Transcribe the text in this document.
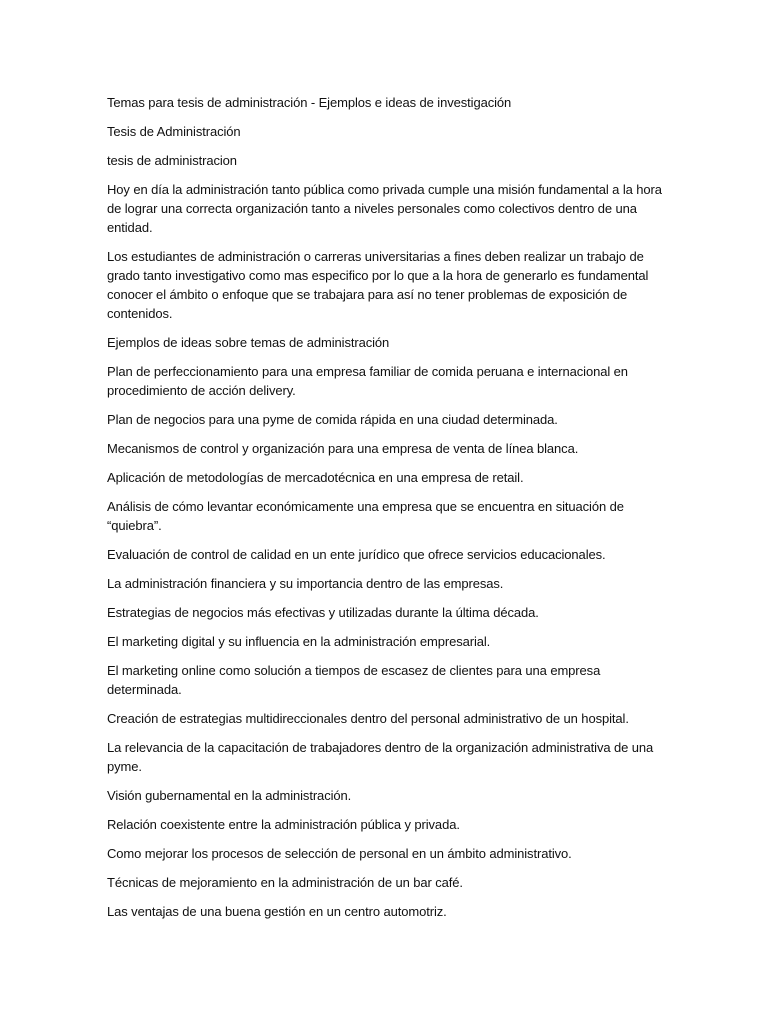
Temas para tesis de administración - Ejemplos e ideas de investigación

Tesis de Administración

tesis de administracion

Hoy en día la administración tanto pública como privada cumple una misión fundamental a la hora de lograr una correcta organización tanto a niveles personales como colectivos dentro de una entidad.

Los estudiantes de administración o carreras universitarias a fines deben realizar un trabajo de grado tanto investigativo como mas especifico por lo que a la hora de generarlo es fundamental conocer el ámbito o enfoque que se trabajara para así no tener problemas de exposición de contenidos.

Ejemplos de ideas sobre temas de administración

Plan de perfeccionamiento para una empresa familiar de comida peruana e internacional en procedimiento de acción delivery.

Plan de negocios para una pyme de comida rápida en una ciudad determinada.

Mecanismos de control y organización para una empresa de venta de línea blanca.

Aplicación de metodologías de mercadotécnica en una empresa de retail.

Análisis de cómo levantar económicamente una empresa que se encuentra en situación de “quiebra”.

Evaluación de control de calidad en un ente jurídico que ofrece servicios educacionales.

La administración financiera y su importancia dentro de las empresas.

Estrategias de negocios más efectivas y utilizadas durante la última década.

El marketing digital y su influencia en la administración empresarial.

El marketing online como solución a tiempos de escasez de clientes para una empresa determinada.

Creación de estrategias multidireccionales dentro del personal administrativo de un hospital.

La relevancia de la capacitación de trabajadores dentro de la organización administrativa de una pyme.

Visión gubernamental en la administración.

Relación coexistente entre la administración pública y privada.

Como mejorar los procesos de selección de personal en un ámbito administrativo.

Técnicas de mejoramiento en la administración de un bar café.

Las ventajas de una buena gestión en un centro automotriz.
